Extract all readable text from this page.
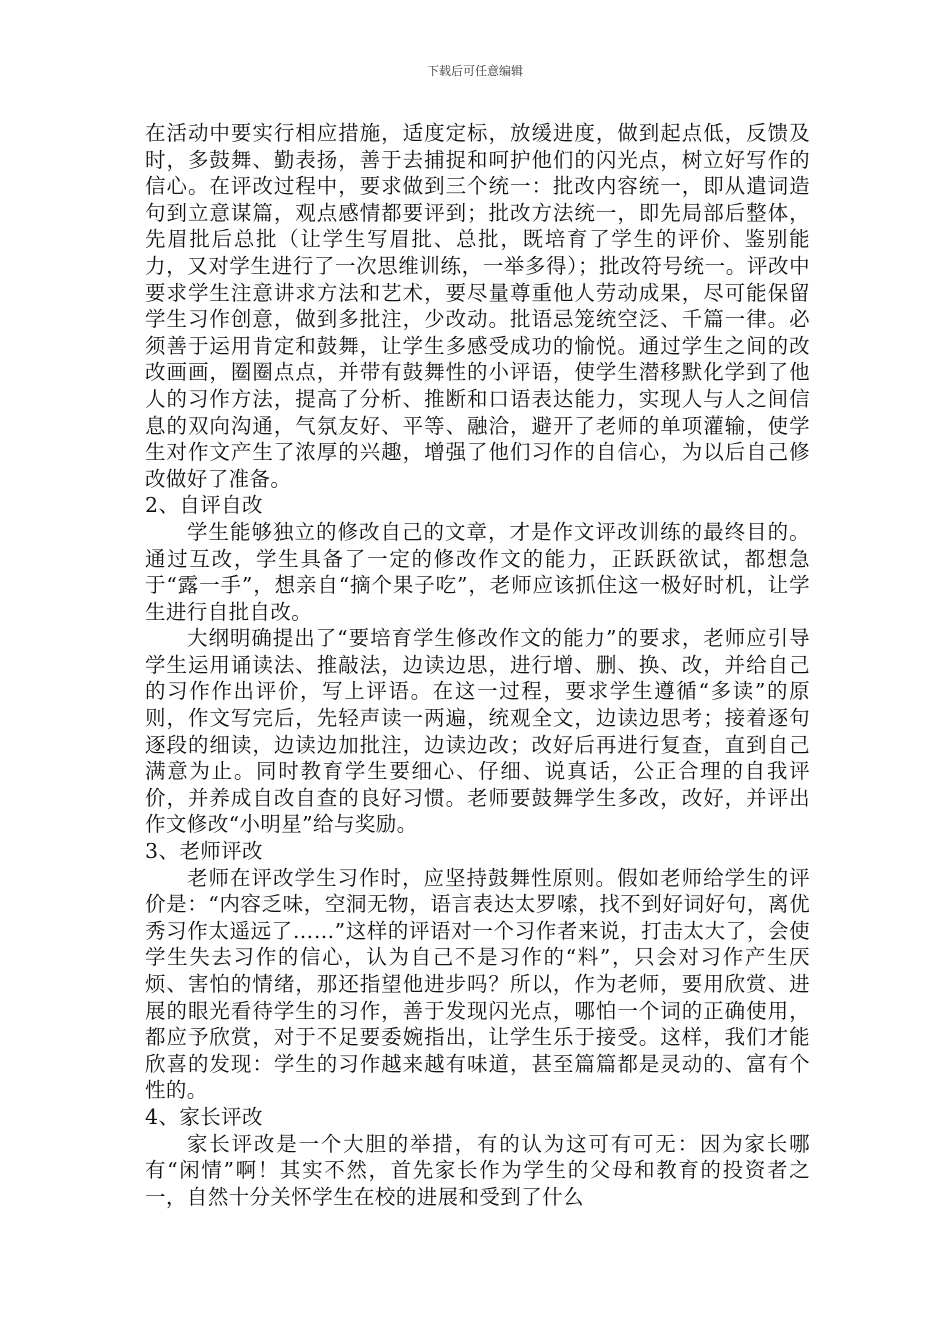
下载后可任意编辑

在活动中要实行相应措施，适度定标，放缓进度，做到起点低，反馈及时，多鼓舞、勤表扬，善于去捕捉和呵护他们的闪光点，树立好写作的信心。在评改过程中，要求做到三个统一：批改内容统一，即从遣词造句到立意谋篇，观点感情都要评到；批改方法统一，即先局部后整体，先眉批后总批（让学生写眉批、总批，既培育了学生的评价、鉴别能力，又对学生进行了一次思维训练，一举多得）；批改符号统一。评改中要求学生注意讲求方法和艺术，要尽量尊重他人劳动成果，尽可能保留学生习作创意，做到多批注，少改动。批语忌笼统空泛、千篇一律。必须善于运用肯定和鼓舞，让学生多感受成功的愉悦。通过学生之间的改改画画，圈圈点点，并带有鼓舞性的小评语，使学生潜移默化学到了他人的习作方法，提高了分析、推断和口语表达能力，实现人与人之间信息的双向沟通，气氛友好、平等、融洽，避开了老师的单项灌输，使学生对作文产生了浓厚的兴趣，增强了他们习作的自信心，为以后自己修改做好了准备。

2、自评自改

学生能够独立的修改自己的文章，才是作文评改训练的最终目的。通过互改，学生具备了一定的修改作文的能力，正跃跃欲试，都想急于“露一手”，想亲自“摘个果子吃”，老师应该抓住这一极好时机，让学生进行自批自改。

大纲明确提出了“要培育学生修改作文的能力”的要求，老师应引导学生运用诵读法、推敲法，边读边思，进行增、删、换、改，并给自己的习作作出评价，写上评语。在这一过程，要求学生遵循“多读”的原则，作文写完后，先轻声读一两遍，统观全文，边读边思考；接着逐句逐段的细读，边读边加批注，边读边改；改好后再进行复查，直到自己满意为止。同时教育学生要细心、仔细、说真话，公正合理的自我评价，并养成自改自查的良好习惯。老师要鼓舞学生多改，改好，并评出作文修改“小明星”给与奖励。

3、老师评改

老师在评改学生习作时，应坚持鼓舞性原则。假如老师给学生的评价是：“内容乏味，空洞无物，语言表达太罗嗦，找不到好词好句，离优秀习作太遥远了……”这样的评语对一个习作者来说，打击太大了，会使学生失去习作的信心，认为自己不是习作的“料”，只会对习作产生厌烦、害怕的情绪，那还指望他进步吗？所以，作为老师，要用欣赏、进展的眼光看待学生的习作，善于发现闪光点，哪怕一个词的正确使用，都应予欣赏，对于不足要委婉指出，让学生乐于接受。这样，我们才能欣喜的发现：学生的习作越来越有味道，甚至篇篇都是灵动的、富有个性的。

4、家长评改

家长评改是一个大胆的举措，有的认为这可有可无：因为家长哪有“闲情”啊！其实不然，首先家长作为学生的父母和教育的投资者之一，自然十分关怀学生在校的进展和受到了什么
